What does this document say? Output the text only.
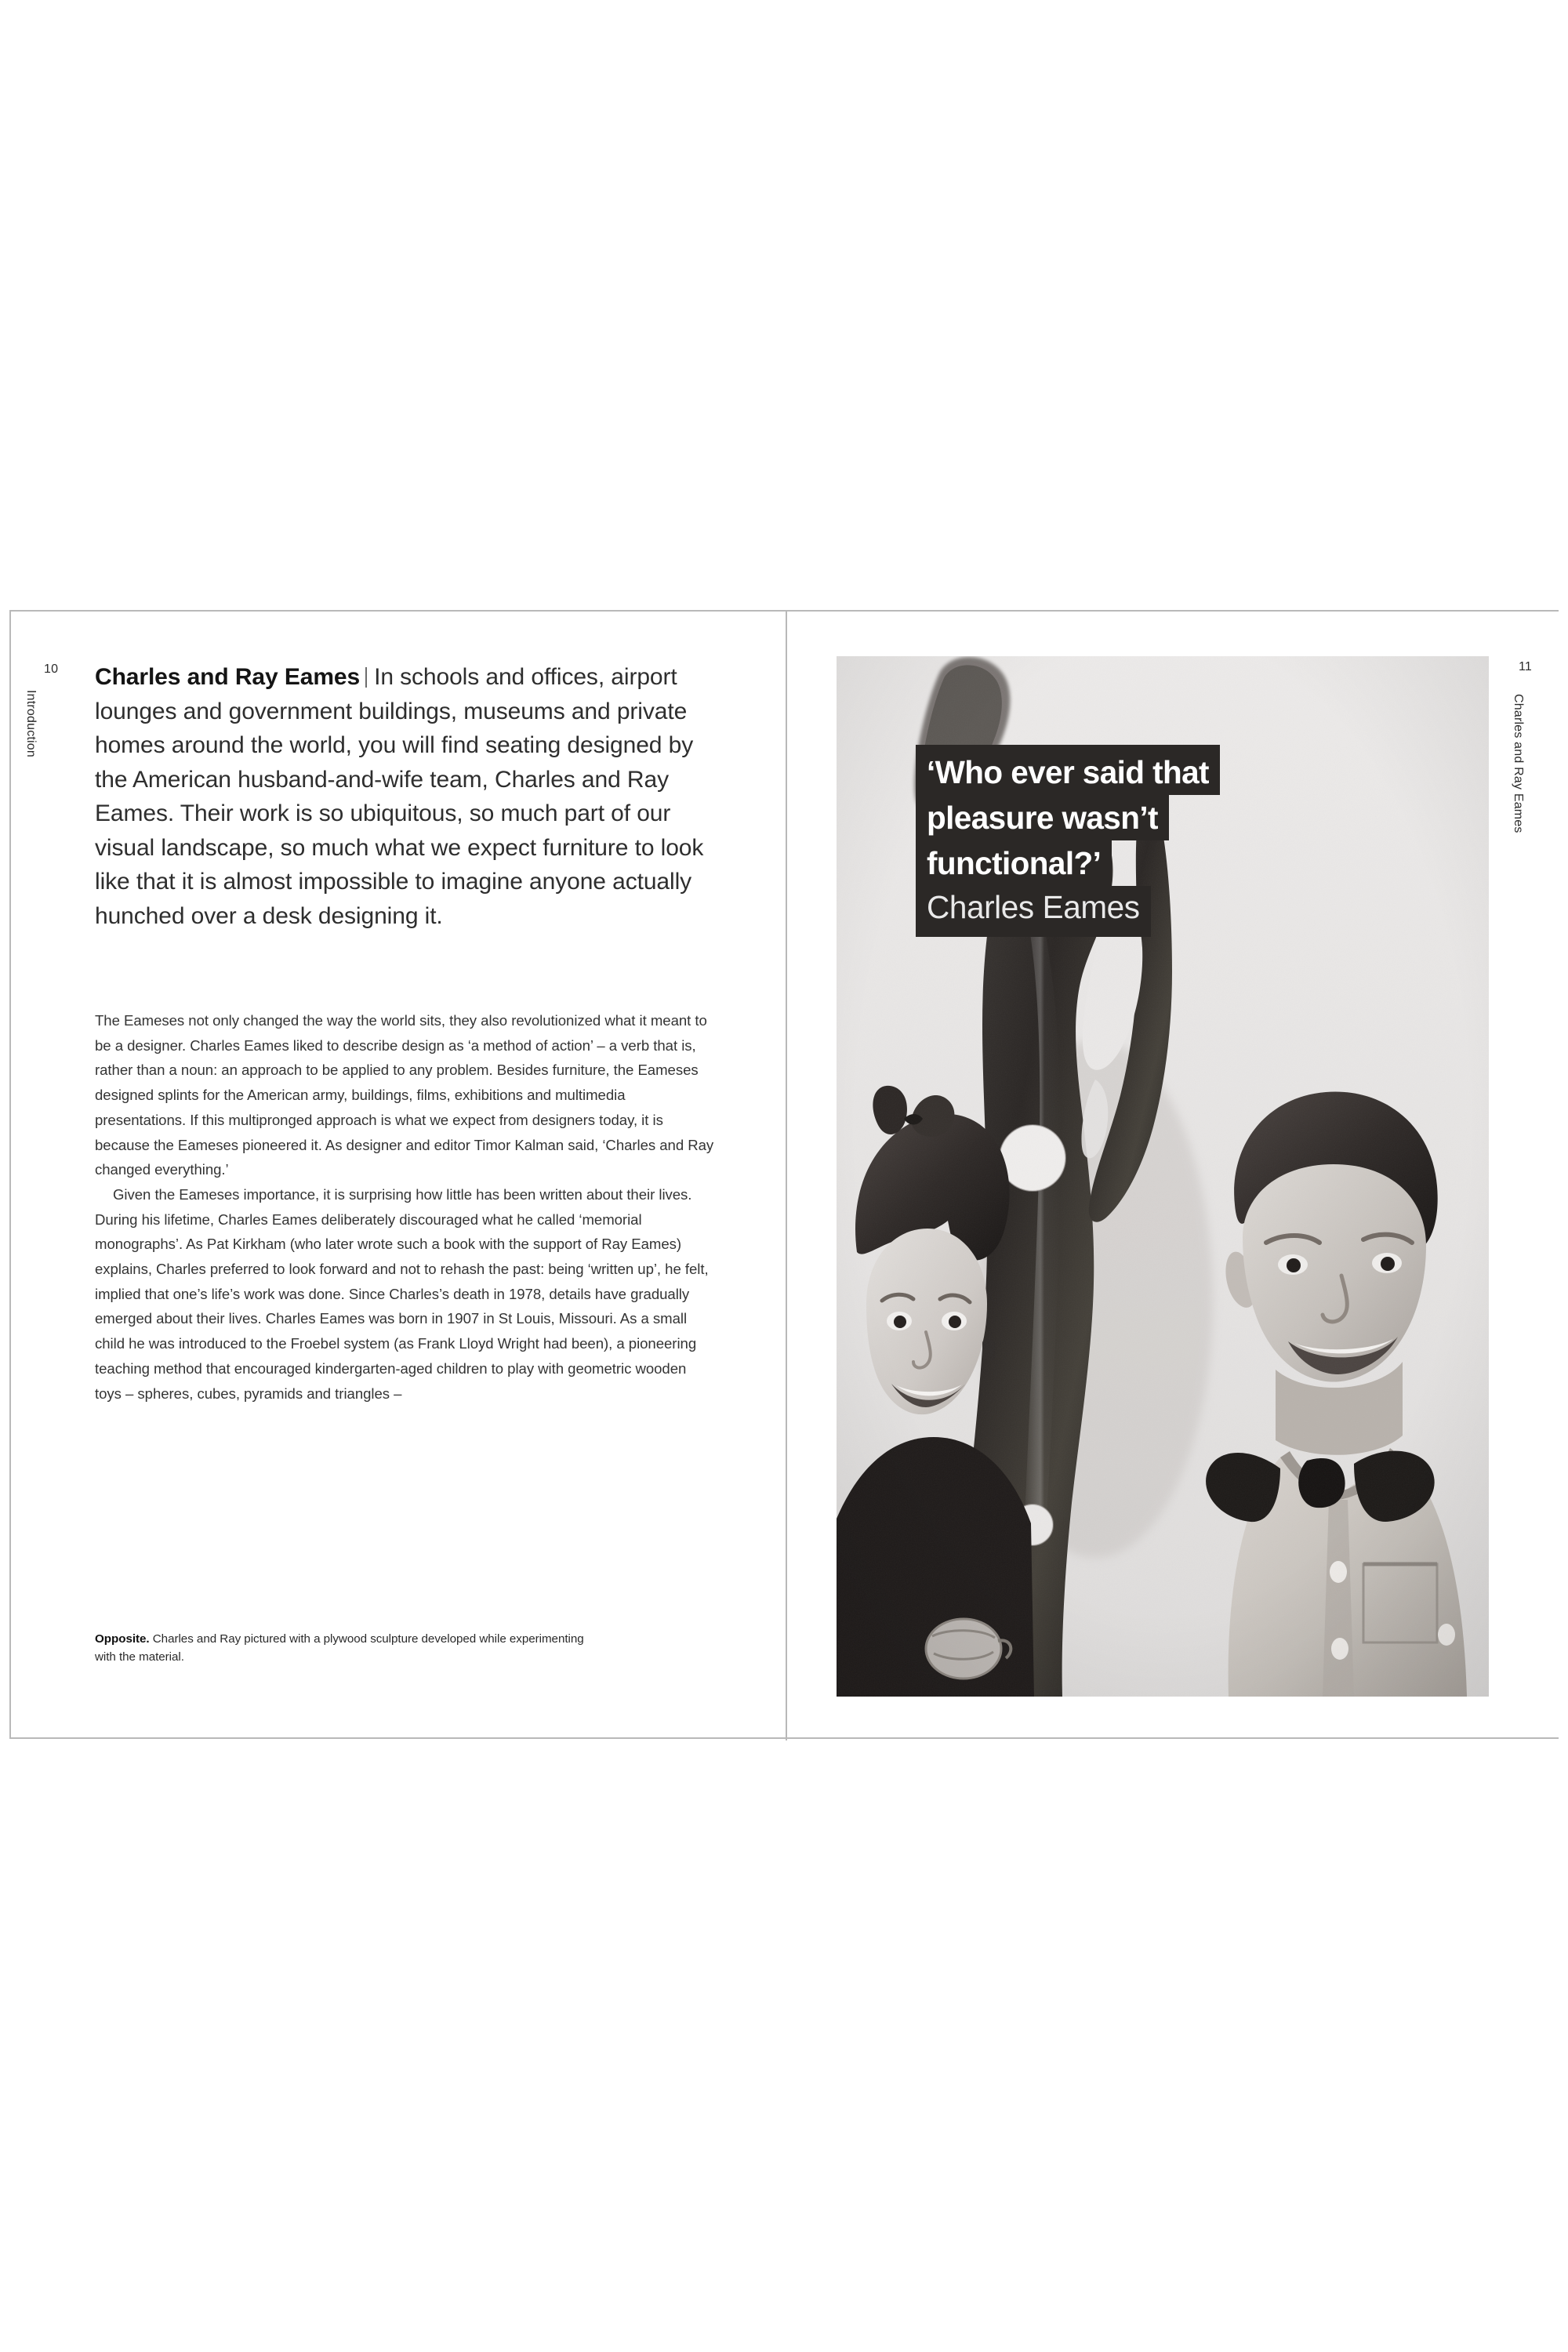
10
Introduction
Charles and Ray Eames In schools and offices, airport lounges and government buildings, museums and private homes around the world, you will find seating designed by the American husband-and-wife team, Charles and Ray Eames. Their work is so ubiquitous, so much part of our visual landscape, so much what we expect furniture to look like that it is almost impossible to imagine anyone actually hunched over a desk designing it.

The Eameses not only changed the way the world sits, they also revolutionized what it meant to be a designer. Charles Eames liked to describe design as ‘a method of action’ – a verb that is, rather than a noun: an approach to be applied to any problem. Besides furniture, the Eameses designed splints for the American army, buildings, films, exhibitions and multimedia presentations. If this multipronged approach is what we expect from designers today, it is because the Eameses pioneered it. As designer and editor Timor Kalman said, ‘Charles and Ray changed everything.’

Given the Eameses importance, it is surprising how little has been written about their lives. During his lifetime, Charles Eames deliberately discouraged what he called ‘memorial monographs’. As Pat Kirkham (who later wrote such a book with the support of Ray Eames) explains, Charles preferred to look forward and not to rehash the past: being ‘written up’, he felt, implied that one’s life’s work was done. Since Charles’s death in 1978, details have gradually emerged about their lives. Charles Eames was born in 1907 in St Louis, Missouri. As a small child he was introduced to the Froebel system (as Frank Lloyd Wright had been), a pioneering teaching method that encouraged kindergarten-aged children to play with geometric wooden toys – spheres, cubes, pyramids and triangles –

Opposite. Charles and Ray pictured with a plywood sculpture developed while experimenting with the material.
11
Charles and Ray Eames
‘Who ever said that
pleasure wasn’t
functional?’
Charles Eames
